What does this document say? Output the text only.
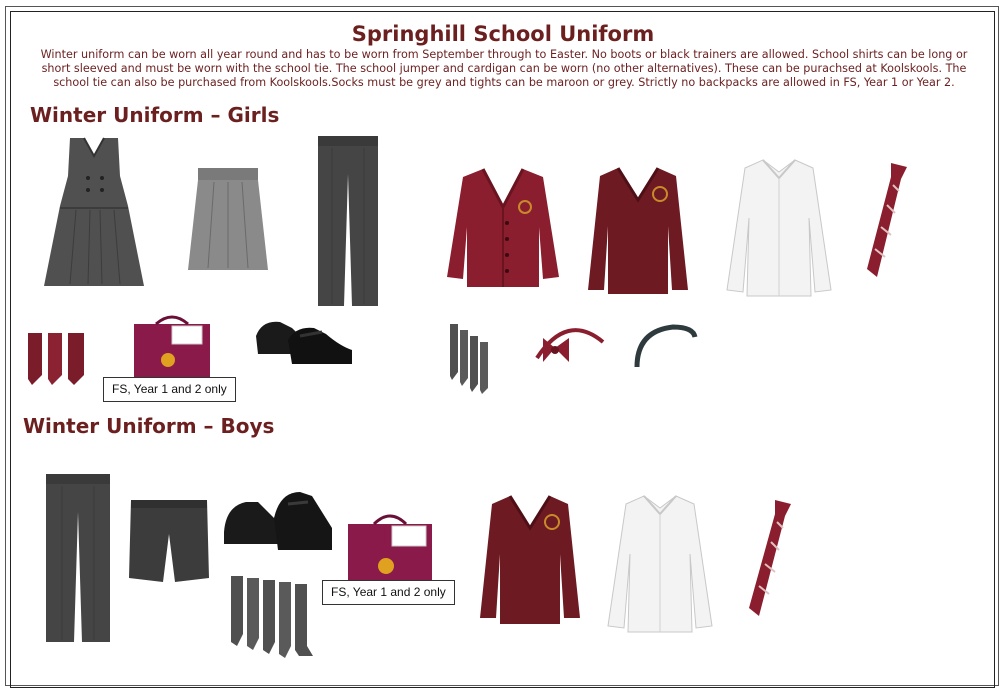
Springhill School Uniform
Winter uniform can be worn all year round and has to be worn from September through to Easter. No boots or black trainers are allowed. School shirts can be long or short sleeved and must be worn with the school tie. The school jumper and cardigan can be worn (no other alternatives). These can be purachsed at Koolskools. The school tie can also be purchased from Koolskools.Socks must be grey and tights can be maroon or grey. Strictly no backpacks are allowed in FS, Year 1 or Year 2.
Winter Uniform – Girls
Winter Uniform – Boys
FS, Year 1 and 2 only
FS, Year 1 and 2 only
